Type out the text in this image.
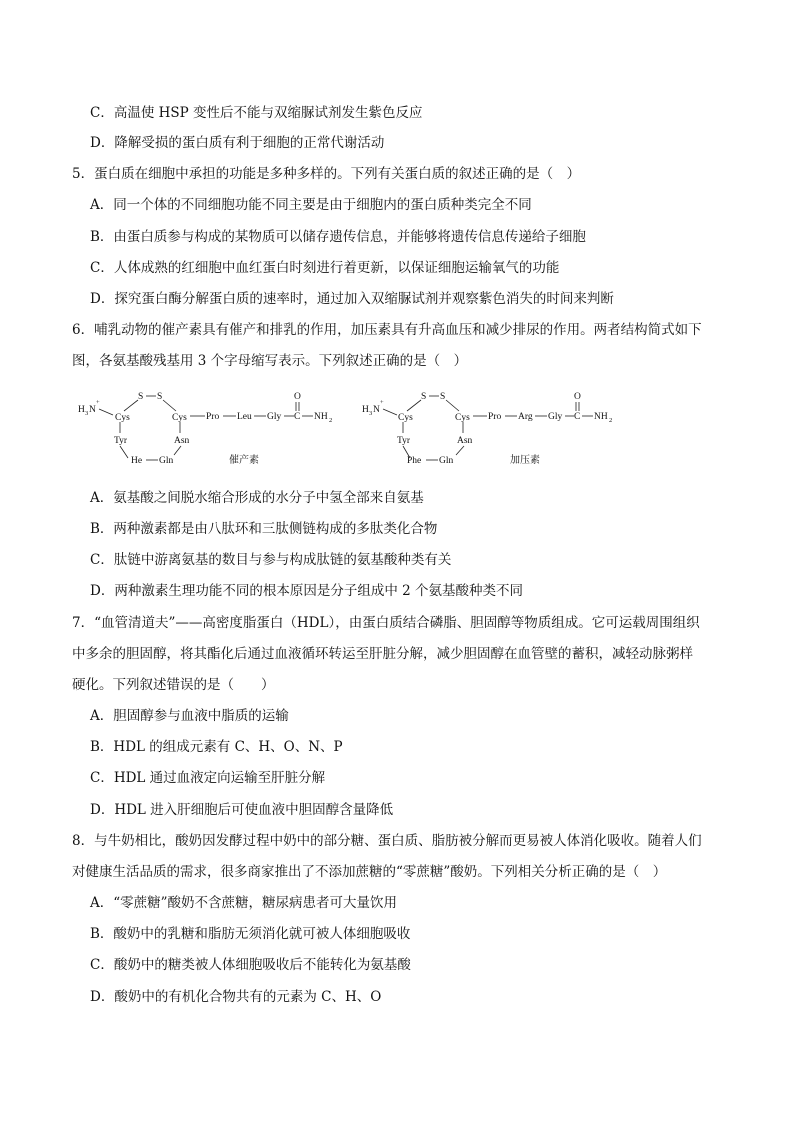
C．高温使 HSP 变性后不能与双缩脲试剂发生紫色反应
D．降解受损的蛋白质有利于细胞的正常代谢活动
5．蛋白质在细胞中承担的功能是多种多样的。下列有关蛋白质的叙述正确的是（　）
A．同一个体的不同细胞功能不同主要是由于细胞内的蛋白质种类完全不同
B．由蛋白质参与构成的某物质可以储存遗传信息，并能够将遗传信息传递给子细胞
C．人体成熟的红细胞中血红蛋白时刻进行着更新，以保证细胞运输氧气的功能
D．探究蛋白酶分解蛋白质的速率时，通过加入双缩脲试剂并观察紫色消失的时间来判断
6．哺乳动物的催产素具有催产和排乳的作用，加压素具有升高血压和减少排尿的作用。两者结构简式如下
图，各氨基酸残基用 3 个字母缩写表示。下列叙述正确的是（　）
H 3 N
+
Cys
S S
Cys Pro Leu Gly
O
C NH 2
Tyr
He Gln
Asn
催产素
H 3 N
+
Cys
S S
Cys Pro Arg Gly
O
C NH 2
Tyr
Phe Gln
Asn
加压素
A．氨基酸之间脱水缩合形成的水分子中氢全部来自氨基
B．两种激素都是由八肽环和三肽侧链构成的多肽类化合物
C．肽链中游离氨基的数目与参与构成肽链的氨基酸种类有关
D．两种激素生理功能不同的根本原因是分子组成中 2 个氨基酸种类不同
7．“血管清道夫”——高密度脂蛋白（HDL），由蛋白质结合磷脂、胆固醇等物质组成。它可运载周围组织
中多余的胆固醇，将其酯化后通过血液循环转运至肝脏分解，减少胆固醇在血管壁的蓄积，减轻动脉粥样
硬化。下列叙述错误的是（　　）
A．胆固醇参与血液中脂质的运输
B．HDL 的组成元素有 C、H、O、N、P
C．HDL 通过血液定向运输至肝脏分解
D．HDL 进入肝细胞后可使血液中胆固醇含量降低
8．与牛奶相比，酸奶因发酵过程中奶中的部分糖、蛋白质、脂肪被分解而更易被人体消化吸收。随着人们
对健康生活品质的需求，很多商家推出了不添加蔗糖的“零蔗糖”酸奶。下列相关分析正确的是（　）
A．“零蔗糖”酸奶不含蔗糖，糖尿病患者可大量饮用
B．酸奶中的乳糖和脂肪无须消化就可被人体细胞吸收
C．酸奶中的糖类被人体细胞吸收后不能转化为氨基酸
D．酸奶中的有机化合物共有的元素为 C、H、O
